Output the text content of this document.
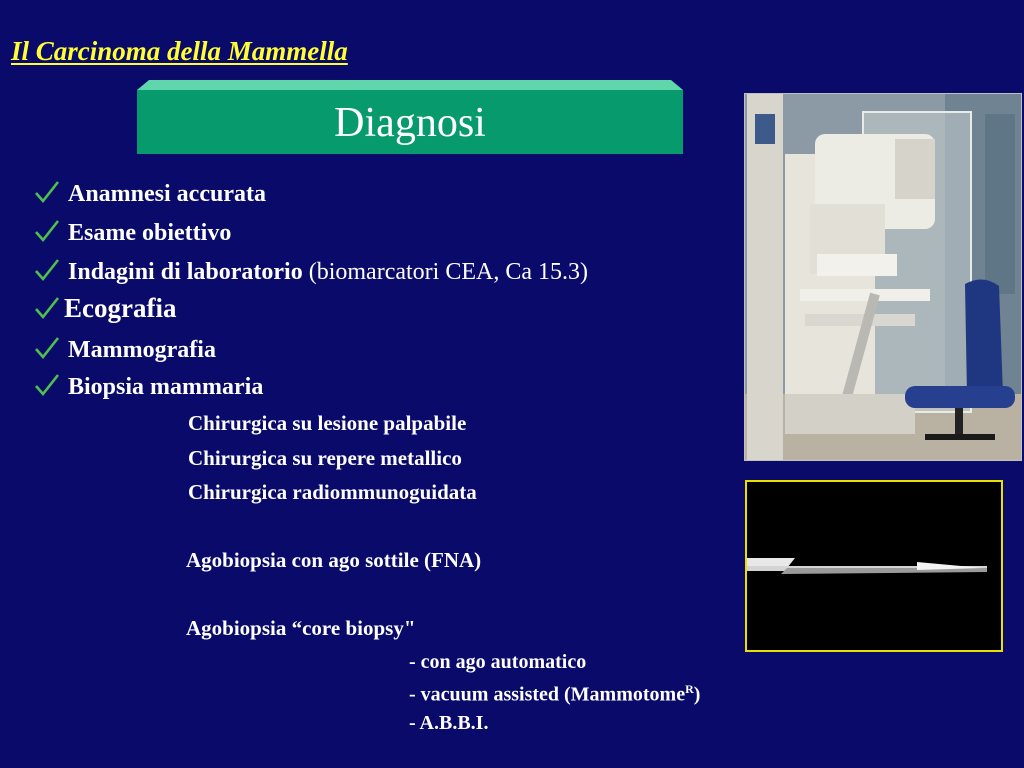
Il Carcinoma della Mammella
Diagnosi
Anamnesi accurata
Esame obiettivo
Indagini di laboratorio (biomarcatori CEA, Ca 15.3)
Ecografia
Mammografia
Biopsia mammaria
Chirurgica su lesione palpabile
Chirurgica su repere metallico
Chirurgica radiommunoguidata
Agobiopsia con ago sottile (FNA)
Agobiopsia “core biopsy"
- con ago automatico
- vacuum assisted (Mammotome$^R$)
- A.B.B.I.
